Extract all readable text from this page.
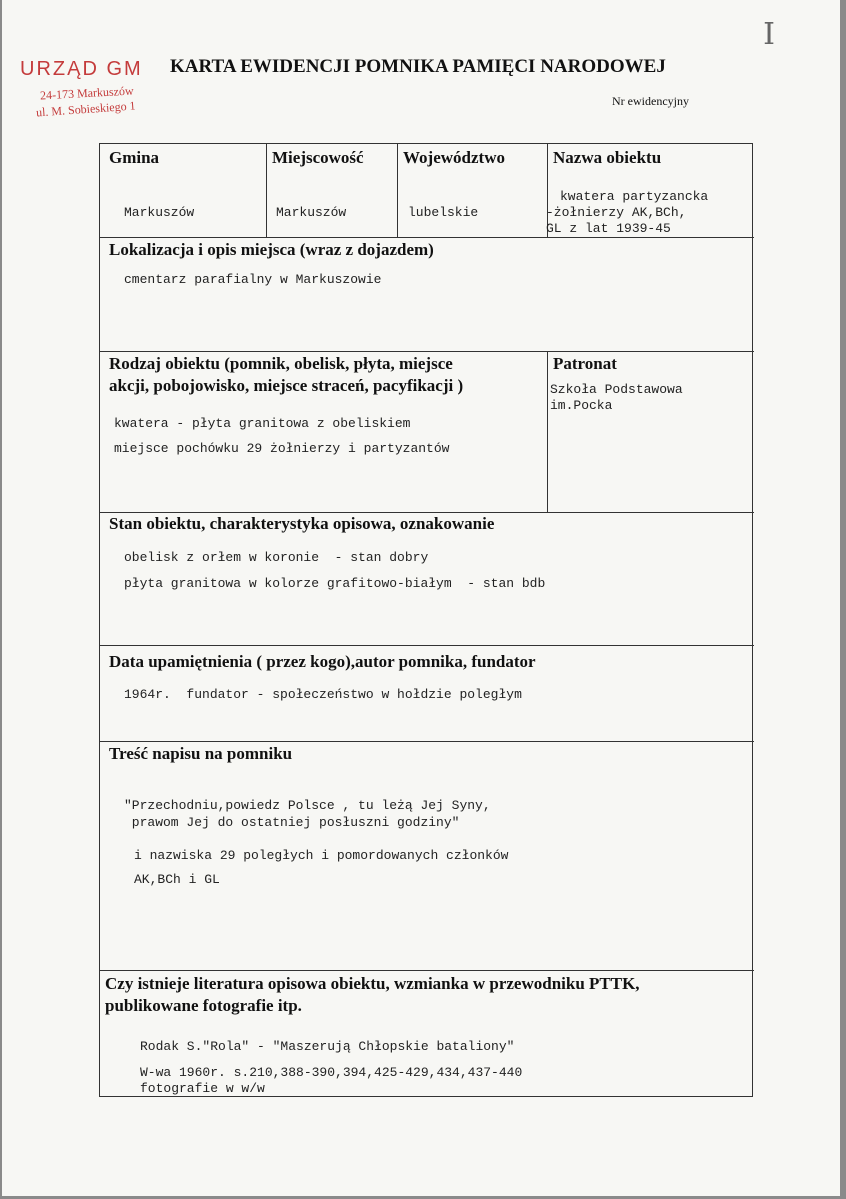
I
URZĄD GM
24-173 Markuszów
ul. M. Sobieskiego 1
KARTA EWIDENCJI POMNIKA PAMIĘCI NARODOWEJ
Nr ewidencyjny
Gmina
Markuszów
Miejscowość
Markuszów
Województwo
lubelskie
Nazwa obiektu
kwatera partyzancka
-żołnierzy AK,BCh,
GL z lat 1939-45
Lokalizacja i opis miejsca (wraz z dojazdem)
cmentarz parafialny w Markuszowie
Rodzaj obiektu (pomnik, obelisk, płyta, miejsce
akcji, pobojowisko, miejsce straceń, pacyfikacji )
kwatera - płyta granitowa z obeliskiem
miejsce pochówku 29 żołnierzy i partyzantów
Patronat
Szkoła Podstawowa
im.Pocka
Stan obiektu, charakterystyka opisowa, oznakowanie
obelisk z orłem w koronie  - stan dobry
płyta granitowa w kolorze grafitowo-białym  - stan bdb
Data upamiętnienia ( przez kogo),autor pomnika, fundator
1964r.  fundator - społeczeństwo w hołdzie poległym
Treść napisu na pomniku
"Przechodniu,powiedz Polsce , tu leżą Jej Syny,
prawom Jej do ostatniej posłuszni godziny"
i nazwiska 29 poległych i pomordowanych członków
AK,BCh i GL
Czy istnieje literatura opisowa obiektu, wzmianka w przewodniku PTTK,
publikowane fotografie itp.
Rodak S."Rola" - "Maszerują Chłopskie bataliony"
W-wa 1960r. s.210,388-390,394,425-429,434,437-440
fotografie w w/w
